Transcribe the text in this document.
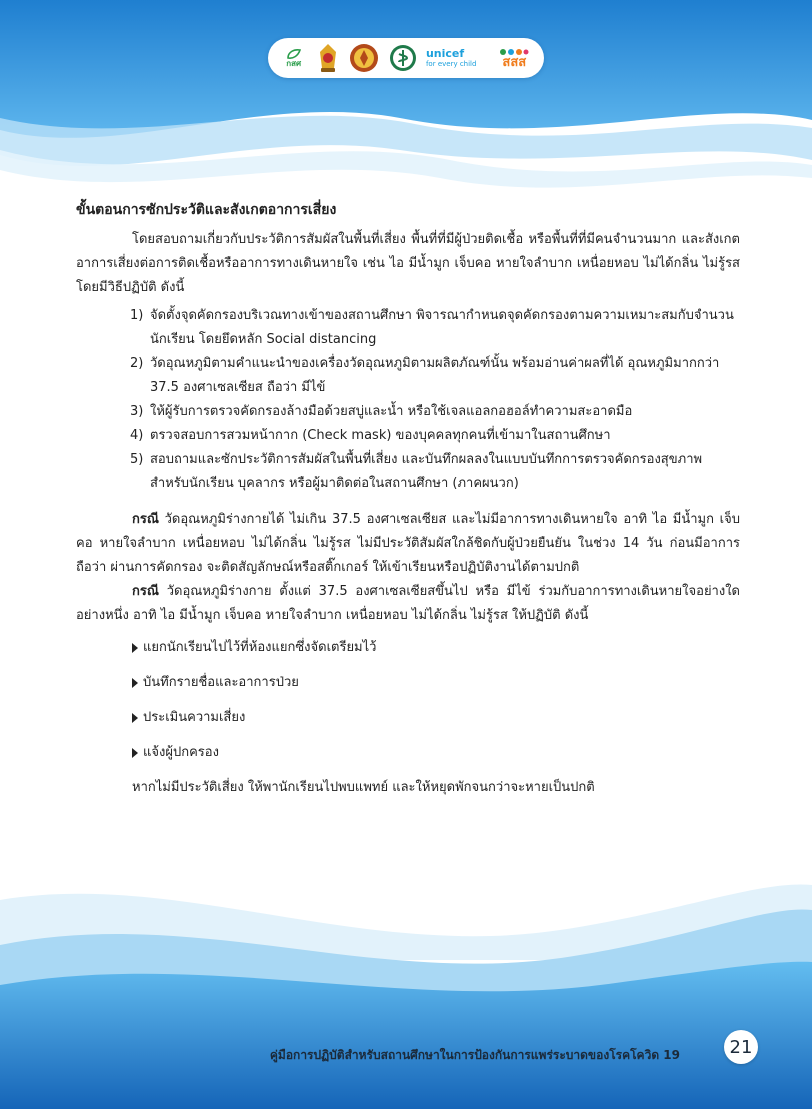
กสศ
unicef
for every child สสส
ขั้นตอนการซักประวัติและสังเกตอาการเสี่ยง

โดยสอบถามเกี่ยวกับประวัติการสัมผัสในพื้นที่เสี่ยง พื้นที่ที่มีผู้ป่วยติดเชื้อ หรือพื้นที่ที่มีคนจำนวนมาก และสังเกตอาการเสี่ยงต่อการติดเชื้อหรืออาการทางเดินหายใจ เช่น ไอ มีน้ำมูก เจ็บคอ หายใจลำบาก เหนื่อยหอบ ไม่ได้กลิ่น ไม่รู้รส โดยมีวิธีปฏิบัติ ดังนี้

1) จัดตั้งจุดคัดกรองบริเวณทางเข้าของสถานศึกษา พิจารณากำหนดจุดคัดกรองตามความเหมาะสมกับจำนวนนักเรียน โดยยึดหลัก Social distancing
2) วัดอุณหภูมิตามคำแนะนำของเครื่องวัดอุณหภูมิตามผลิตภัณฑ์นั้น พร้อมอ่านค่าผลที่ได้ อุณหภูมิมากกว่า 37.5 องศาเซลเซียส ถือว่า มีไข้
3) ให้ผู้รับการตรวจคัดกรองล้างมือด้วยสบู่และน้ำ หรือใช้เจลแอลกอฮอล์ทำความสะอาดมือ
4) ตรวจสอบการสวมหน้ากาก (Check mask) ของบุคคลทุกคนที่เข้ามาในสถานศึกษา
5) สอบถามและซักประวัติการสัมผัสในพื้นที่เสี่ยง และบันทึกผลลงในแบบบันทึกการตรวจคัดกรองสุขภาพสำหรับนักเรียน บุคลากร หรือผู้มาติดต่อในสถานศึกษา (ภาคผนวก)

กรณี วัดอุณหภูมิร่างกายได้ ไม่เกิน 37.5 องศาเซลเซียส และไม่มีอาการทางเดินหายใจ อาทิ ไอ มีน้ำมูก เจ็บคอ หายใจลำบาก เหนื่อยหอบ ไม่ได้กลิ่น ไม่รู้รส ไม่มีประวัติสัมผัสใกล้ชิดกับผู้ป่วยยืนยัน ในช่วง 14 วัน ก่อนมีอาการ ถือว่า ผ่านการคัดกรอง จะติดสัญลักษณ์หรือสติ๊กเกอร์ ให้เข้าเรียนหรือปฏิบัติงานได้ตามปกติ

กรณี วัดอุณหภูมิร่างกาย ตั้งแต่ 37.5 องศาเซลเซียสขึ้นไป หรือ มีไข้ ร่วมกับอาการทางเดินหายใจอย่างใดอย่างหนึ่ง อาทิ ไอ มีน้ำมูก เจ็บคอ หายใจลำบาก เหนื่อยหอบ ไม่ได้กลิ่น ไม่รู้รส ให้ปฏิบัติ ดังนี้

แยกนักเรียนไปไว้ที่ห้องแยกซึ่งจัดเตรียมไว้
บันทึกรายชื่อและอาการป่วย
ประเมินความเสี่ยง
แจ้งผู้ปกครอง

หากไม่มีประวัติเสี่ยง ให้พานักเรียนไปพบแพทย์ และให้หยุดพักจนกว่าจะหายเป็นปกติ

คู่มือการปฏิบัติสำหรับสถานศึกษาในการป้องกันการแพร่ระบาดของโรคโควิด 19	21
